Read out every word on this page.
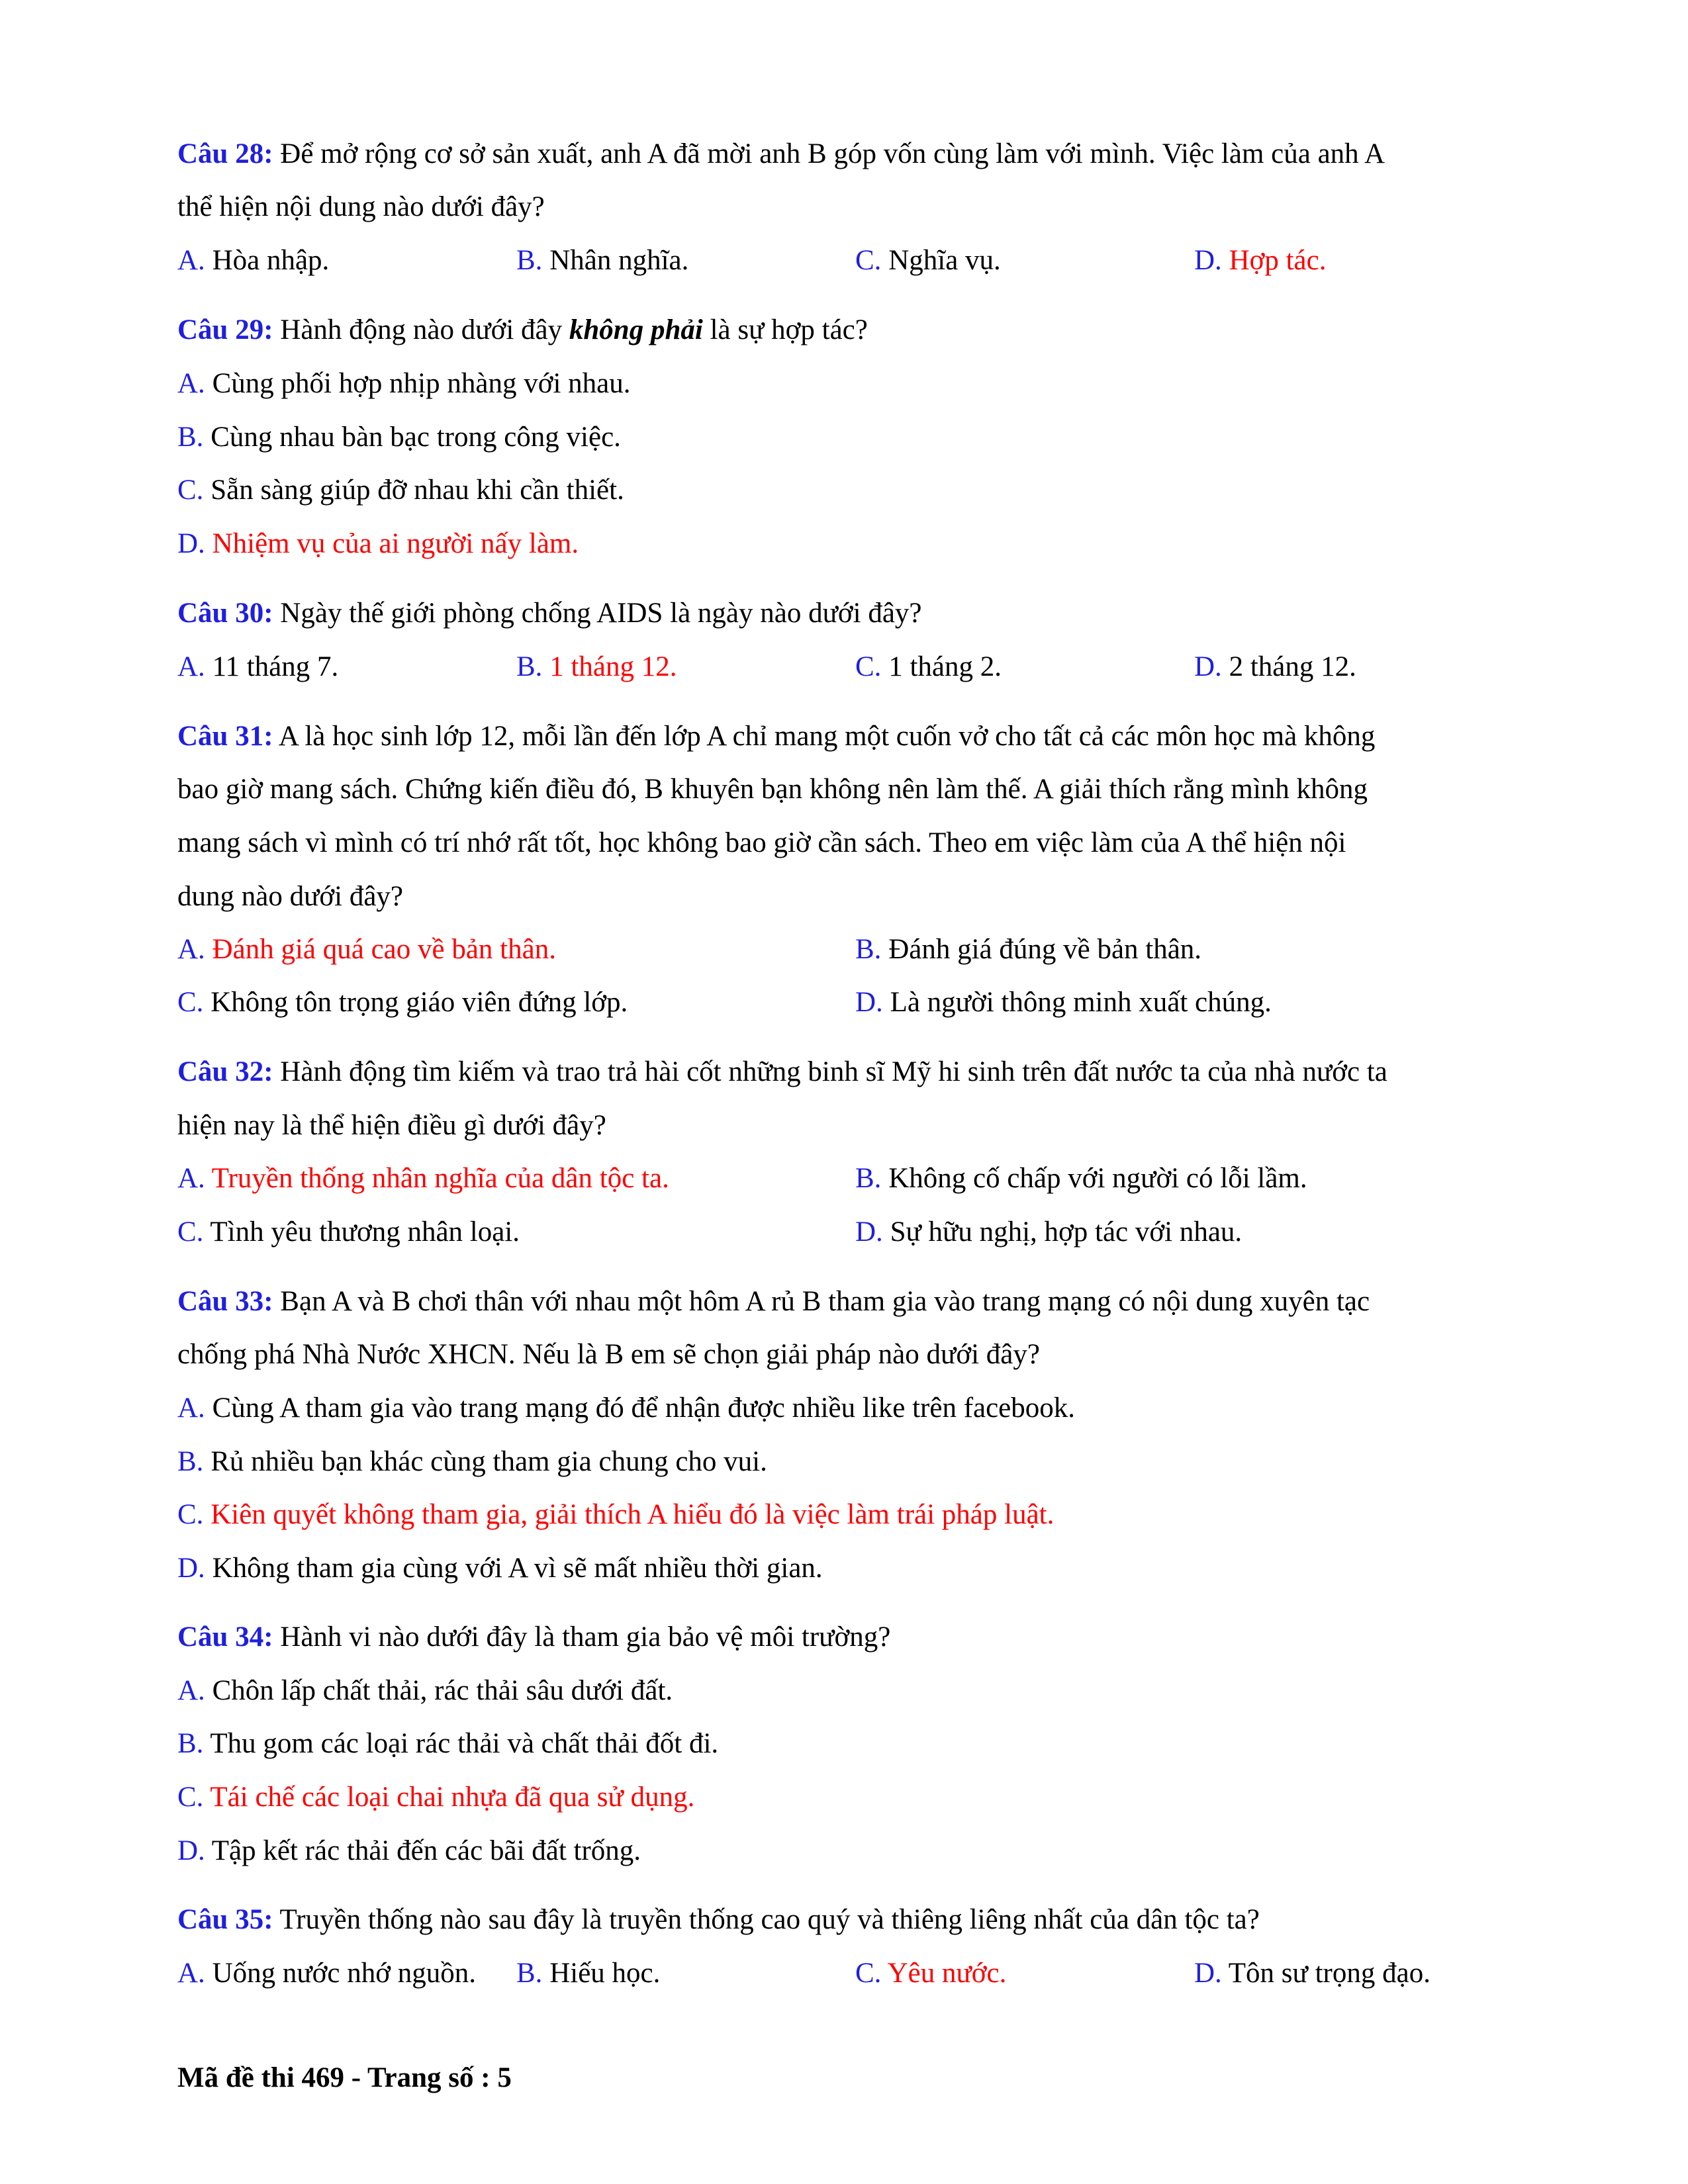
Câu 28: Để mở rộng cơ sở sản xuất, anh A đã mời anh B góp vốn cùng làm với mình. Việc làm của anh A
thể hiện nội dung nào dưới đây?
A. Hòa nhập.	B. Nhân nghĩa.	C. Nghĩa vụ.	D. Hợp tác.
Câu 29: Hành động nào dưới đây không phải là sự hợp tác?
A. Cùng phối hợp nhịp nhàng với nhau.
B. Cùng nhau bàn bạc trong công việc.
C. Sẵn sàng giúp đỡ nhau khi cần thiết.
D. Nhiệm vụ của ai người nấy làm.
Câu 30: Ngày thế giới phòng chống AIDS là ngày nào dưới đây?
A. 11 tháng 7.	B. 1 tháng 12.	C. 1 tháng 2.	D. 2 tháng 12.
Câu 31: A là học sinh lớp 12, mỗi lần đến lớp A chỉ mang một cuốn vở cho tất cả các môn học mà không
bao giờ mang sách. Chứng kiến điều đó, B khuyên bạn không nên làm thế. A giải thích rằng mình không
mang sách vì mình có trí nhớ rất tốt, học không bao giờ cần sách. Theo em việc làm của A thể hiện nội
dung nào dưới đây?
A. Đánh giá quá cao về bản thân.	B. Đánh giá đúng về bản thân.
C. Không tôn trọng giáo viên đứng lớp.	D. Là người thông minh xuất chúng.
Câu 32: Hành động tìm kiếm và trao trả hài cốt những binh sĩ Mỹ hi sinh trên đất nước ta của nhà nước ta
hiện nay là thể hiện điều gì dưới đây?
A. Truyền thống nhân nghĩa của dân tộc ta.	B. Không cố chấp với người có lỗi lầm.
C. Tình yêu thương nhân loại.	D. Sự hữu nghị, hợp tác với nhau.
Câu 33: Bạn A và B chơi thân với nhau một hôm A rủ B tham gia vào trang mạng có nội dung xuyên tạc
chống phá Nhà Nước XHCN. Nếu là B em sẽ chọn giải pháp nào dưới đây?
A. Cùng A tham gia vào trang mạng đó để nhận được nhiều like trên facebook.
B. Rủ nhiều bạn khác cùng tham gia chung cho vui.
C. Kiên quyết không tham gia, giải thích A hiểu đó là việc làm trái pháp luật.
D. Không tham gia cùng với A vì sẽ mất nhiều thời gian.
Câu 34: Hành vi nào dưới đây là tham gia bảo vệ môi trường?
A. Chôn lấp chất thải, rác thải sâu dưới đất.
B. Thu gom các loại rác thải và chất thải đốt đi.
C. Tái chế các loại chai nhựa đã qua sử dụng.
D. Tập kết rác thải đến các bãi đất trống.
Câu 35: Truyền thống nào sau đây là truyền thống cao quý và thiêng liêng nhất của dân tộc ta?
A. Uống nước nhớ nguồn. B. Hiếu học.	C. Yêu nước.	D. Tôn sư trọng đạo.
Mã đề thi 469 - Trang số : 5
